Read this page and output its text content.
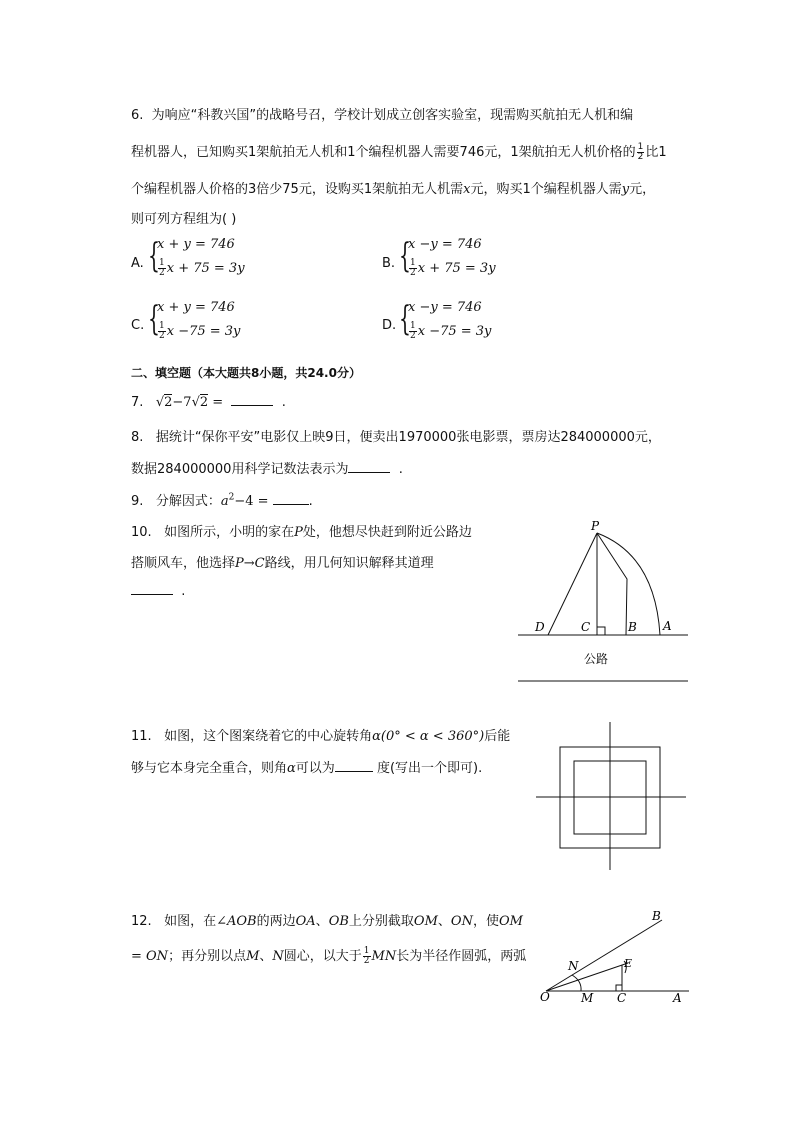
6. 为响应“科教兴国”的战略号召，学校计划成立创客实验室，现需购买航拍无人机和编
程机器人，已知购买1架航拍无人机和1个编程机器人需要746元，1架航拍无人机价格的 $\frac{1}{2}$ 比1
个编程机器人价格的3倍少75元，设购买1架航拍无人机需x元，购买1个编程机器人需y元，
则可列方程组为( )
A. {
x + y = 746
$\frac{1}{2}$ x + 75 = 3y	B. {
x −y = 746
$\frac{1}{2}$ x + 75 = 3y
C. {
x + y = 746
$\frac{1}{2}$ x −75 = 3y	D. {
x −y = 746
$\frac{1}{2}$ x −75 = 3y
二、填空题（本大题共8小题，共24.0分）
7. √2−7√2 =	.
8. 据统计“保你平安”电影仅上映9日，便卖出1970000张电影票，票房达284000000元，
数据284000000用科学记数法表示为	.
9. 分解因式：$a^2-4$ =	.
10. 如图所示，小明的家在P处，他想尽快赶到附近公路边
搭顺风车，他选择P→C路线，用几何知识解释其道理
.
P
D	C	B A
公路
11. 如图，这个图案绕着它的中心旋转角α(0° < α < 360°)后能
够与它本身完全重合，则角α可以为	度(写出一个即可).
12. 如图，在∠AOB的两边OA、OB上分别截取OM、ON，使OM
= ON；再分别以点M、N圆心，以大于 $\frac{1}{2}$ MN长为半径作圆弧，两弧
O	A
B
N
M C
E
